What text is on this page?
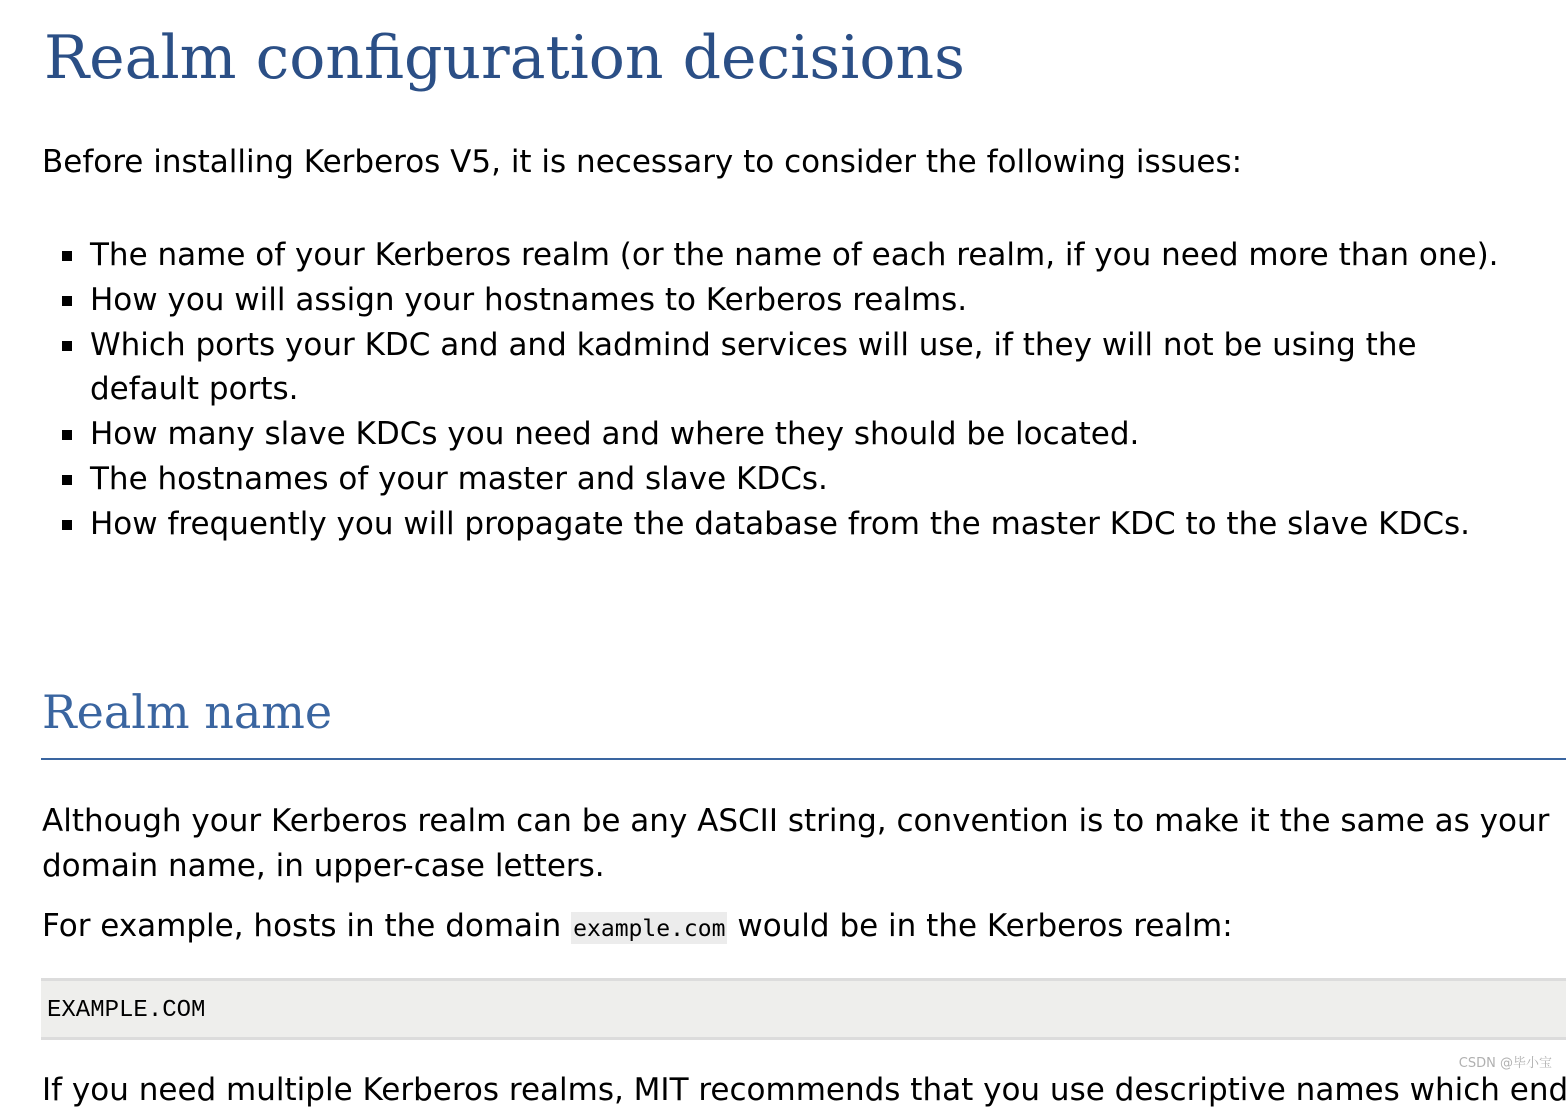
Realm configuration decisions

Before installing Kerberos V5, it is necessary to consider the following issues:

The name of your Kerberos realm (or the name of each realm, if you need more than one).
How you will assign your hostnames to Kerberos realms.
Which ports your KDC and and kadmind services will use, if they will not be using the default ports.
How many slave KDCs you need and where they should be located.
The hostnames of your master and slave KDCs.
How frequently you will propagate the database from the master KDC to the slave KDCs.
Realm name

Although your Kerberos realm can be any ASCII string, convention is to make it the same as your domain name, in upper-case letters.

For example, hosts in the domain example.com would be in the Kerberos realm:

EXAMPLE.COM
If you need multiple Kerberos realms, MIT recommends that you use descriptive names which end
CSDN @毕小宝
